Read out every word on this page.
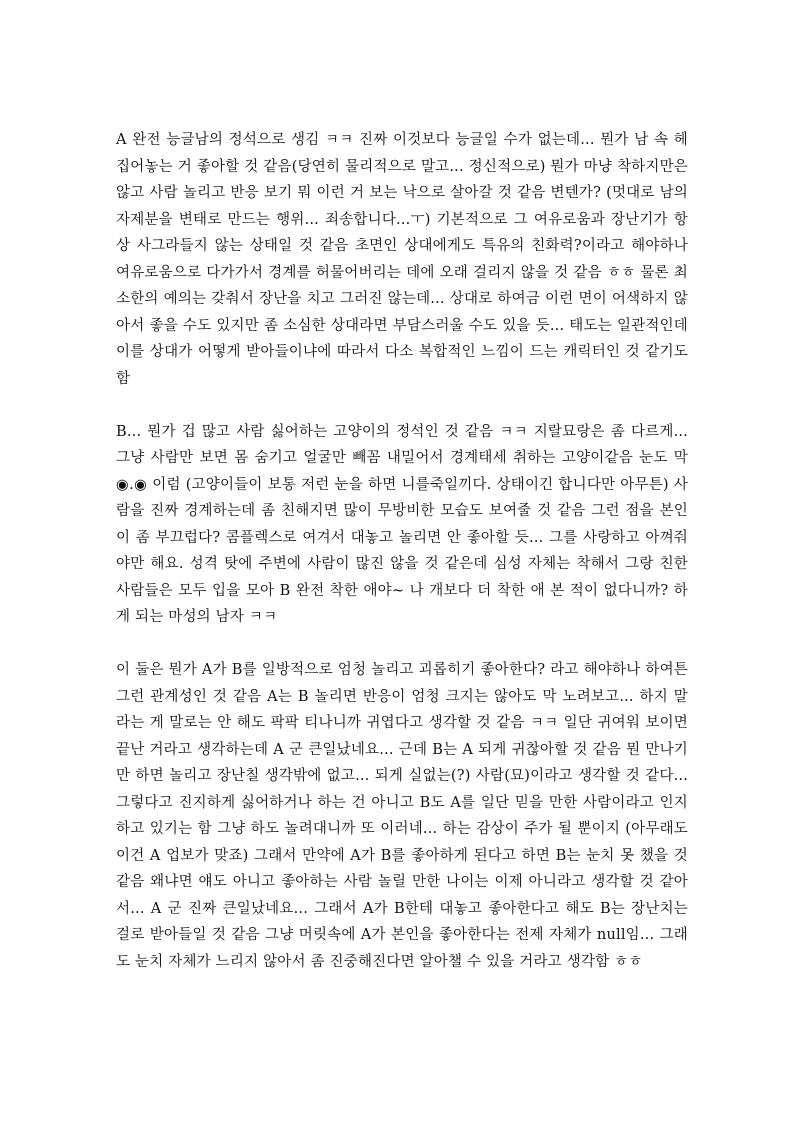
A 완전 능글남의 정석으로 생김 ㅋㅋ 진짜 이것보다 능글일 수가 없는데... 뭔가 남 속 헤집어놓는 거 좋아할 것 같음(당연히 물리적으로 말고... 정신적으로) 뭔가 마냥 착하지만은 않고 사람 놀리고 반응 보기 뭐 이런 거 보는 낙으로 살아갈 것 같음 변텐가? (멋대로 남의 자제분을 변태로 만드는 행위... 죄송합니다...ㅜ) 기본적으로 그 여유로움과 장난기가 항상 사그라들지 않는 상태일 것 같음 초면인 상대에게도 특유의 친화력?이라고 해야하나 여유로움으로 다가가서 경계를 허물어버리는 데에 오래 걸리지 않을 것 같음 ㅎㅎ 물론 최소한의 예의는 갖춰서 장난을 치고 그러진 않는데... 상대로 하여금 이런 면이 어색하지 않아서 좋을 수도 있지만 좀 소심한 상대라면 부담스러울 수도 있을 듯... 태도는 일관적인데 이를 상대가 어떻게 받아들이냐에 따라서 다소 복합적인 느낌이 드는 캐릭터인 것 같기도 함

B... 뭔가 겁 많고 사람 싫어하는 고양이의 정석인 것 같음 ㅋㅋ 지랄묘랑은 좀 다르게... 그냥 사람만 보면 몸 숨기고 얼굴만 빼꼼 내밀어서 경계태세 취하는 고양이같음 눈도 막 ◉.◉ 이럼 (고양이들이 보통 저런 눈을 하면 니를죽일끼다. 상태이긴 합니다만 아무튼) 사람을 진짜 경계하는데 좀 친해지면 많이 무방비한 모습도 보여줄 것 같음 그런 점을 본인이 좀 부끄럽다? 콤플렉스로 여겨서 대놓고 놀리면 안 좋아할 듯... 그를 사랑하고 아껴줘야만 해요. 성격 탓에 주변에 사람이 많진 않을 것 같은데 심성 자체는 착해서 그랑 친한 사람들은 모두 입을 모아 B 완전 착한 애야~ 나 개보다 더 착한 애 본 적이 없다니까? 하게 되는 마성의 남자 ㅋㅋ

이 둘은 뭔가 A가 B를 일방적으로 엄청 놀리고 괴롭히기 좋아한다? 라고 해야하나 하여튼 그런 관계성인 것 같음 A는 B 놀리면 반응이 엄청 크지는 않아도 막 노려보고... 하지 말라는 게 말로는 안 해도 팍팍 티나니까 귀엽다고 생각할 것 같음 ㅋㅋ 일단 귀여워 보이면 끝난 거라고 생각하는데 A 군 큰일났네요... 근데 B는 A 되게 귀찮아할 것 같음 뭔 만나기만 하면 놀리고 장난칠 생각밖에 없고... 되게 실없는(?) 사람(묘)이라고 생각할 것 같다... 그렇다고 진지하게 싫어하거나 하는 건 아니고 B도 A를 일단 믿을 만한 사람이라고 인지하고 있기는 함 그냥 하도 놀려대니까 또 이러네... 하는 감상이 주가 될 뿐이지 (아무래도 이건 A 업보가 맞죠) 그래서 만약에 A가 B를 좋아하게 된다고 하면 B는 눈치 못 챘을 것 같음 왜냐면 얘도 아니고 좋아하는 사람 놀릴 만한 나이는 이제 아니라고 생각할 것 같아서... A 군 진짜 큰일났네요... 그래서 A가 B한테 대놓고 좋아한다고 해도 B는 장난치는 걸로 받아들일 것 같음 그냥 머릿속에 A가 본인을 좋아한다는 전제 자체가 null임... 그래도 눈치 자체가 느리지 않아서 좀 진중해진다면 알아챌 수 있을 거라고 생각함 ㅎㅎ
